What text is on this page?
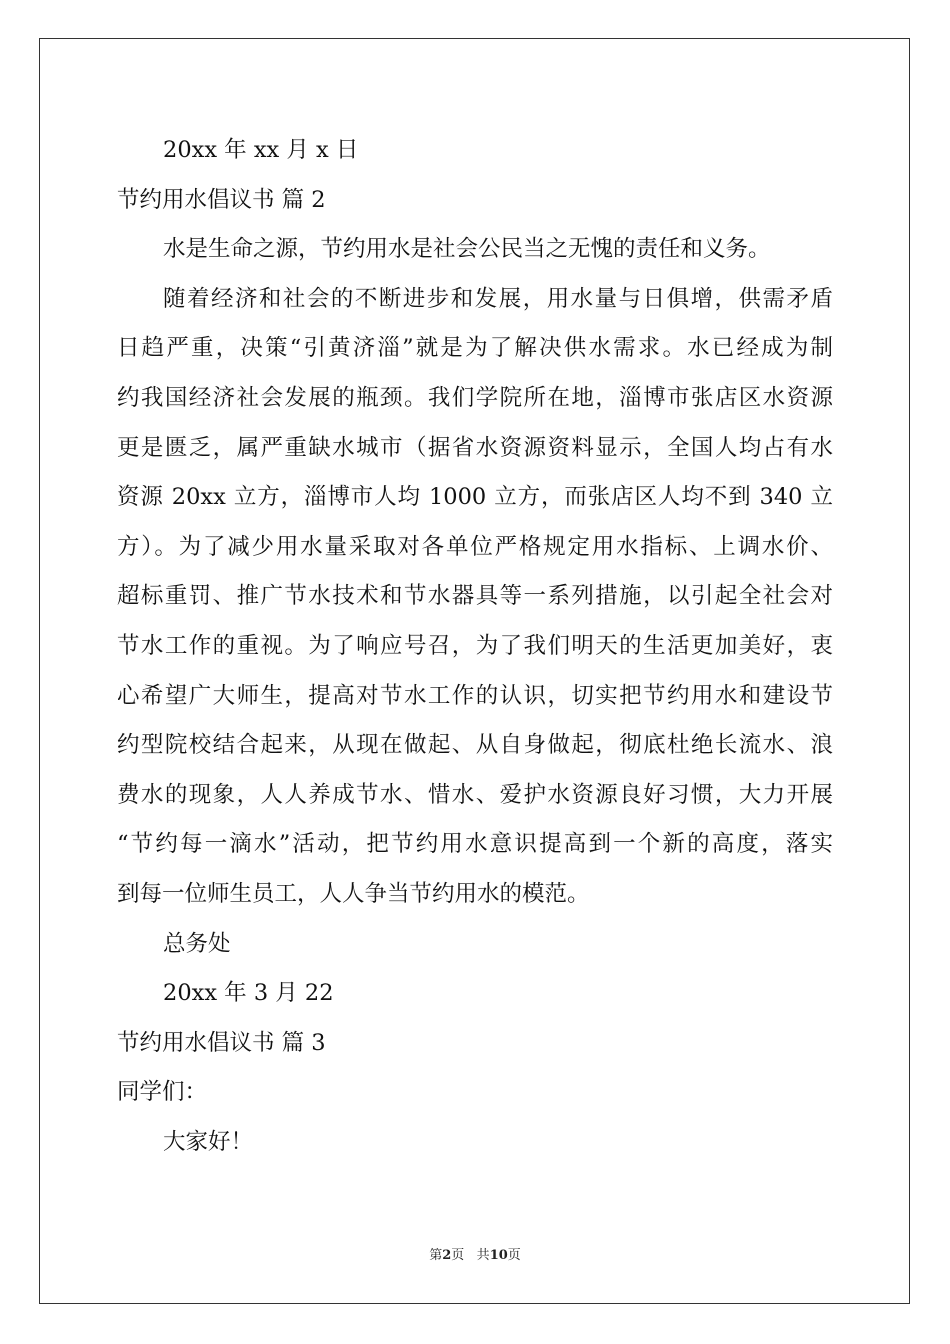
20xx 年 xx 月 x 日

节约用水倡议书 篇 2

水是生命之源，节约用水是社会公民当之无愧的责任和义务。

随着经济和社会的不断进步和发展，用水量与日俱增，供需矛盾

日趋严重，决策“引黄济淄”就是为了解决供水需求。水已经成为制

约我国经济社会发展的瓶颈。我们学院所在地，淄博市张店区水资源

更是匮乏，属严重缺水城市（据省水资源资料显示，全国人均占有水

资源 20xx 立方，淄博市人均 1000 立方，而张店区人均不到 340 立

方）。为了减少用水量采取对各单位严格规定用水指标、上调水价、

超标重罚、推广节水技术和节水器具等一系列措施，以引起全社会对

节水工作的重视。为了响应号召，为了我们明天的生活更加美好，衷

心希望广大师生，提高对节水工作的认识，切实把节约用水和建设节

约型院校结合起来，从现在做起、从自身做起，彻底杜绝长流水、浪

费水的现象，人人养成节水、惜水、爱护水资源良好习惯，大力开展

“节约每一滴水”活动，把节约用水意识提高到一个新的高度，落实

到每一位师生员工，人人争当节约用水的模范。

总务处

20xx 年 3 月 22

节约用水倡议书 篇 3

同学们：

大家好！

第2页 共10页
